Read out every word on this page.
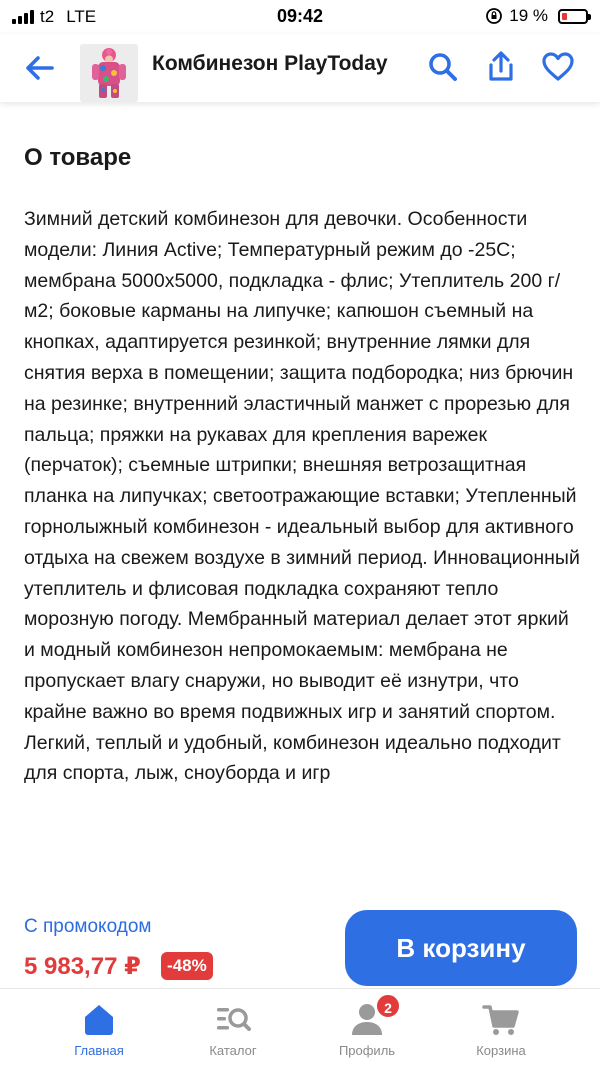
t2 LTE	09:42	19 %
Комбинезон PlayToday
О товаре
Зимний детский комбинезон для девочки. Особенности модели: Линия Active; Температурный режим до -25С; мембрана 5000х5000, подкладка - флис; Утеплитель 200 г/м2; боковые карманы на липучке; капюшон съемный на кнопках, адаптируется резинкой; внутренние лямки для снятия верха в помещении; защита подбородка; низ брючин на резинке; внутренний эластичный манжет с прорезью для пальца; пряжки на рукавах для крепления варежек (перчаток); съемные штрипки; внешняя ветрозащитная планка на липучках; светоотражающие вставки; Утепленный горнолыжный комбинезон - идеальный выбор для активного отдыха на свежем воздухе в зимний период. Инновационный утеплитель и флисовая подкладка сохраняют тепло морозную погоду. Мембранный материал делает этот яркий и модный комбинезон непромокаемым: мембрана не пропускает влагу снаружи, но выводит её изнутри, что крайне важно во время подвижных игр и занятий спортом. Легкий, теплый и удобный, комбинезон идеально подходит для спорта, лыж, сноуборда и игр
С промокодом
5 983,77 ₽	-48%
В корзину
Главная	Каталог
2
Профиль	Корзина
